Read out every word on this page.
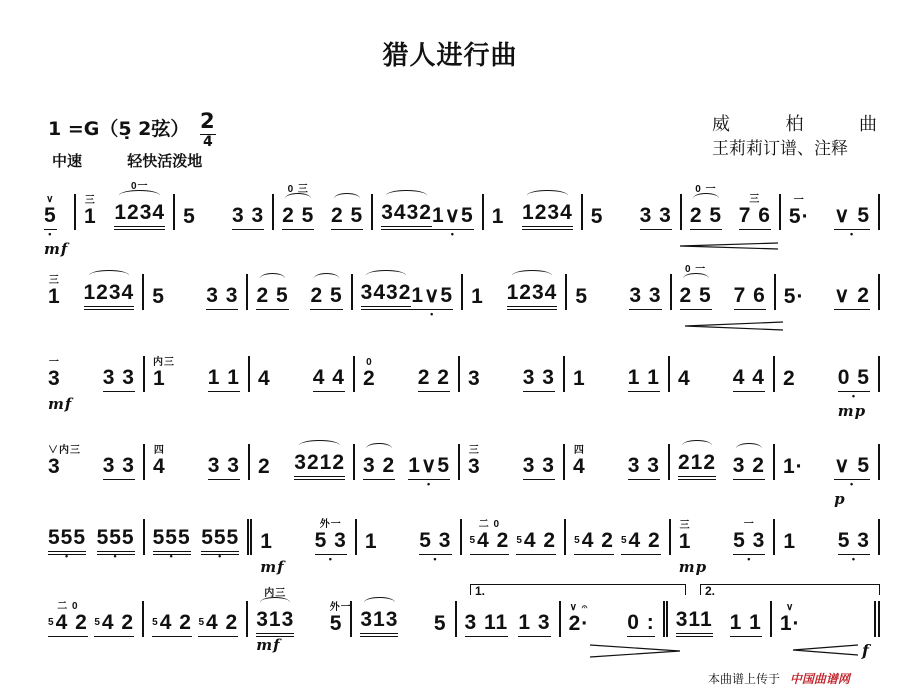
猎人进行曲
1 =G（5̣ 2弦） $\frac{2}{4}$
中速	轻快活泼地
威	柏	曲
王莉莉订谱、注释
5
∨
mf
•
1
三
1234
0一
5 3 3 2 5
0 三
2 5 3432 1∨5 • 1 1234 5 3 3 2 5
0 一
7 6
三
5·
一
∨ 5 •
1
三
1234 5 3 3 2 5 2 5 3432 1∨5 • 1 1234 5 3 3 2 5
0 一
7 6 5· ∨ 2
3
一
mf
3 3 1
内三
1 1 4 4 4 2
0
2 2 3 3 3 1 1 1 4 4 4 2 0 5
mp
•
3
∨内三
3 3 4
四
3 3 2 3212 3 2 1∨5 • 3
三
3 3 4
四
3 3 212 3 2 1· ∨ 5
p
•
555 • 555 • 555 • 555 • 1
mf
5 3
外一
•
1 5 3 • $^5$4 2
二 0
$^5$4 2 $^5$4 2 $^5$4 2 1
三
mp
5 3
一
•
1 5 3 •
$^5$4 2
二 0
$^5$4 2 $^5$4 2 $^5$4 2 313
内三
mf
5
外一
313 5 3 11 1 3 2·
∨ 𝄐
0 : 311 1 1 1·
∨
1.	2.
f
本曲谱上传于 中国曲谱网
